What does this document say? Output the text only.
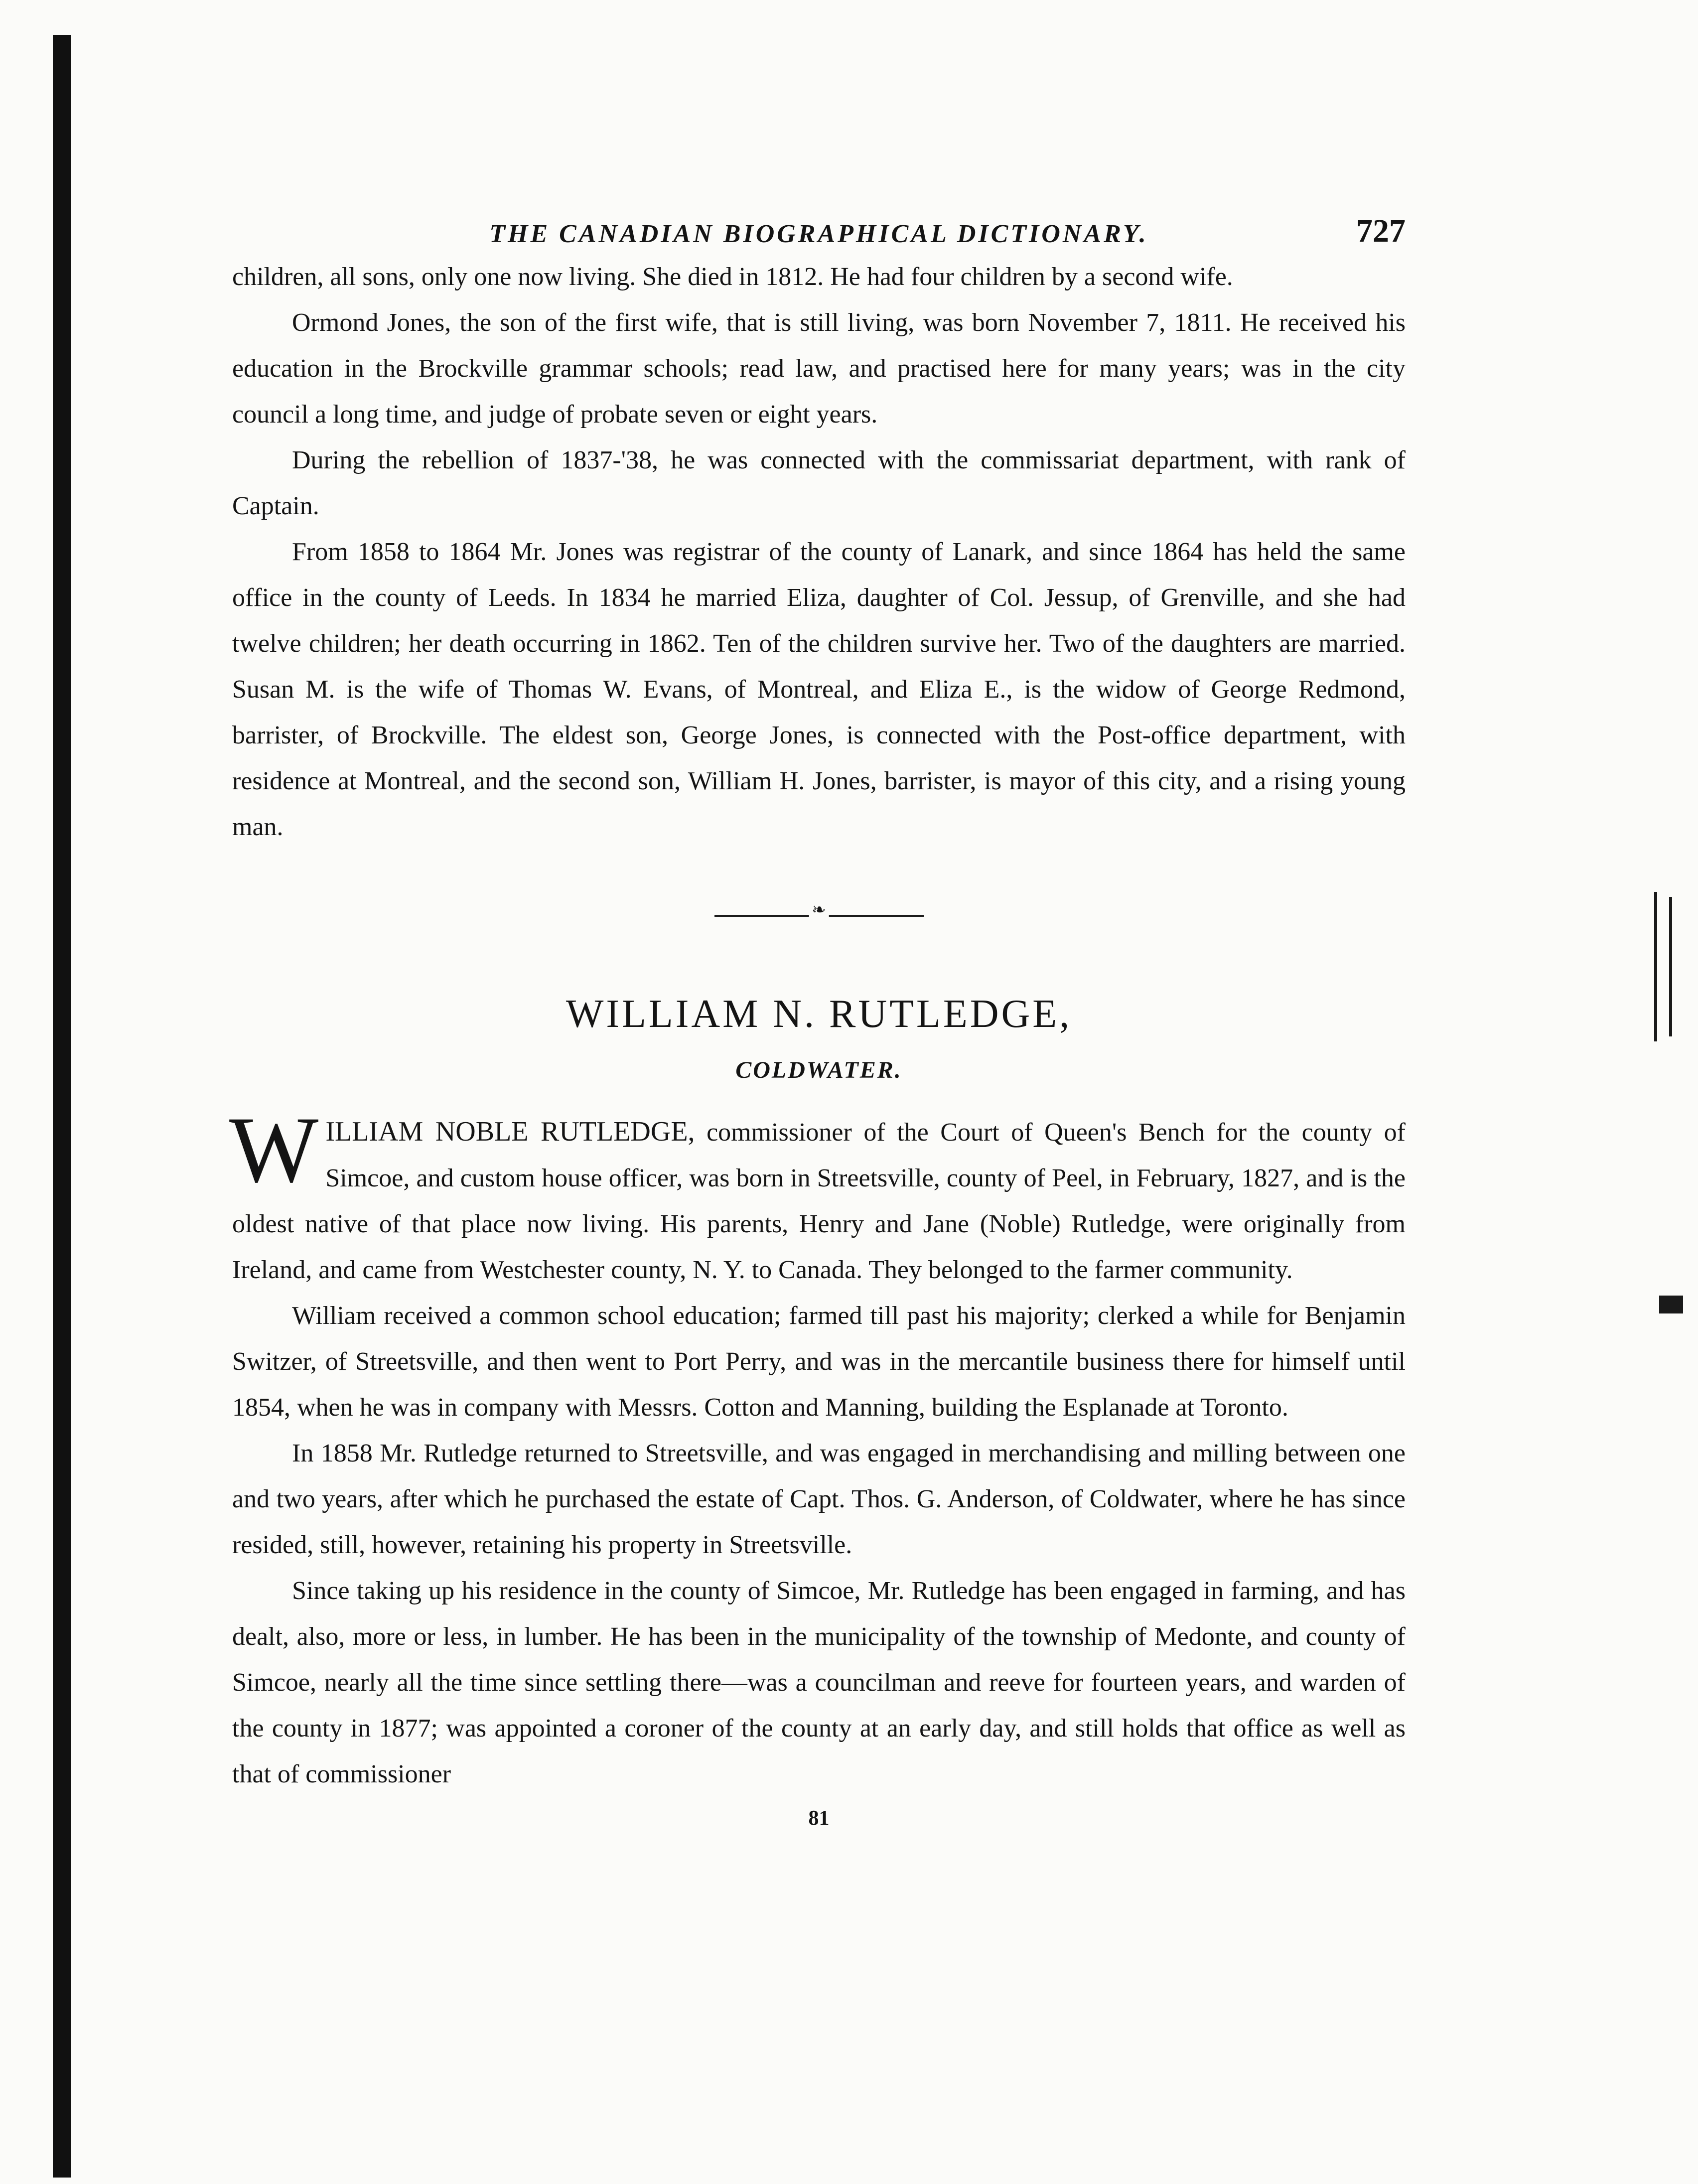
THE CANADIAN BIOGRAPHICAL DICTIONARY.	727

children, all sons, only one now living. She died in 1812. He had four children by a second wife.

Ormond Jones, the son of the first wife, that is still living, was born November 7, 1811. He received his education in the Brockville grammar schools; read law, and practised here for many years; was in the city council a long time, and judge of probate seven or eight years.

During the rebellion of 1837-'38, he was connected with the commissariat department, with rank of Captain.

From 1858 to 1864 Mr. Jones was registrar of the county of Lanark, and since 1864 has held the same office in the county of Leeds. In 1834 he married Eliza, daughter of Col. Jessup, of Grenville, and she had twelve children; her death occurring in 1862. Ten of the children survive her. Two of the daughters are married. Susan M. is the wife of Thomas W. Evans, of Montreal, and Eliza E., is the widow of George Redmond, barrister, of Brockville. The eldest son, George Jones, is connected with the Post-office department, with residence at Montreal, and the second son, William H. Jones, barrister, is mayor of this city, and a rising young man.

❧
WILLIAM N. RUTLEDGE,
COLDWATER.

WILLIAM NOBLE RUTLEDGE, commissioner of the Court of Queen's Bench for the county of Simcoe, and custom house officer, was born in Streetsville, county of Peel, in February, 1827, and is the oldest native of that place now living. His parents, Henry and Jane (Noble) Rutledge, were originally from Ireland, and came from Westchester county, N. Y. to Canada. They belonged to the farmer community.

William received a common school education; farmed till past his majority; clerked a while for Benjamin Switzer, of Streetsville, and then went to Port Perry, and was in the mercantile business there for himself until 1854, when he was in company with Messrs. Cotton and Manning, building the Esplanade at Toronto.

In 1858 Mr. Rutledge returned to Streetsville, and was engaged in merchandising and milling between one and two years, after which he purchased the estate of Capt. Thos. G. Anderson, of Coldwater, where he has since resided, still, however, retaining his property in Streetsville.

Since taking up his residence in the county of Simcoe, Mr. Rutledge has been engaged in farming, and has dealt, also, more or less, in lumber. He has been in the municipality of the township of Medonte, and county of Simcoe, nearly all the time since settling there—was a councilman and reeve for fourteen years, and warden of the county in 1877; was appointed a coroner of the county at an early day, and still holds that office as well as that of commissioner

81
